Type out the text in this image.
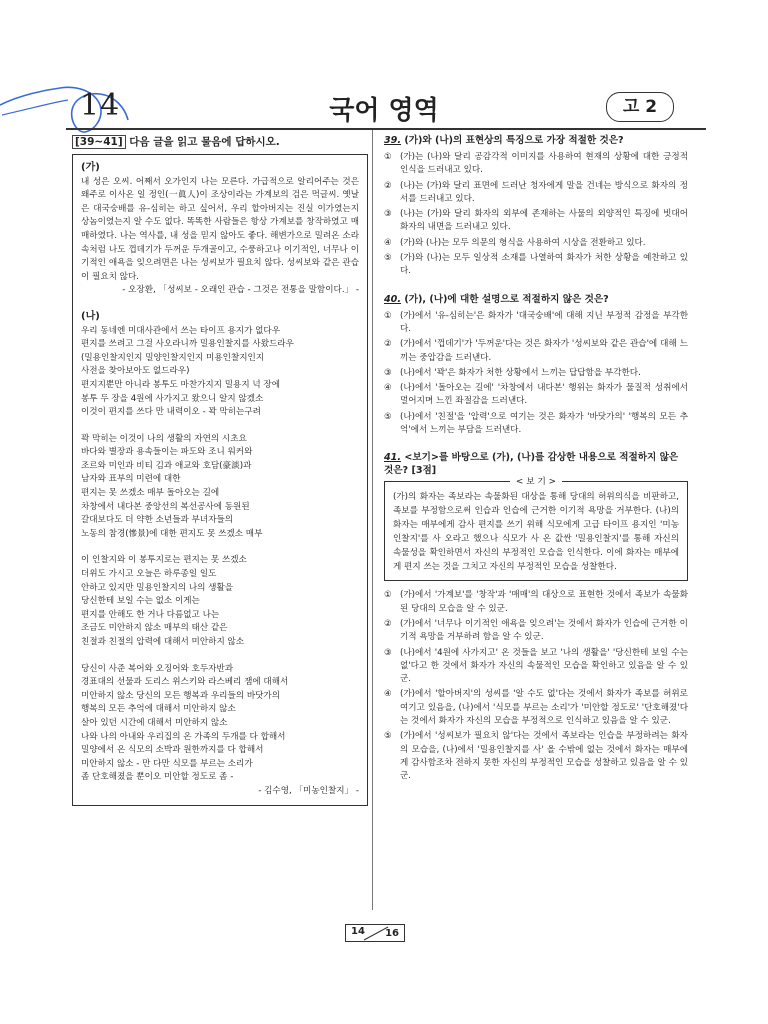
14	국어 영역	고 2
[39~41] 다음 글을 읽고 물음에 답하시오.
(가)
내 성은 오씨. 어째서 오가인지 나는 모른다. 가급적으로 알리어주는 것은 왜주로 이사온 일 정인(一眞人)이 조상이라는 가계보의 검은 먹글씨. 옛날은 대국숭배를 유-심히는 하고 싶어서, 우리 할아버지는 진실 이가였는지 상놈이였는지 알 수도 없다. 똑똑한 사람들은 항상 가계보를 창작하였고 매매하였다. 나는 역사를, 내 성을 믿지 않아도 좋다. 해변가으로 밀려온 소라 속처럼 나도 껍데기가 두꺼운 두개골이고, 수풍하고나 이기적인, 너무나 이기적인 애욕을 잊으려면은 나는 성씨보가 필요치 않다. 성씨보와 같은 관습이 필요치 않다.
- 오장환, 「성씨보 - 오래인 관습 - 그것은 전통을 말함이다.」 -
(나)

우리 동네엔 미대사관에서 쓰는 타이프 용지가 없다우

편지를 쓰려고 그걸 사오라니까 밀용인찰지를 사왔드라우

(밀용인찰지인지 밀양인찰지인지 미용인찰지인지

사전을 찾아보아도 없드라우)

편지지뿐만 아니라 봉투도 마찬가지지 밀용지 넉 장에

봉투 두 장을 4원에 사가지고 왔으니 알지 않겠소

이것이 편지를 쓰다 만 내력이오 - 꽉 막히는구려

꽉 막히는 이것이 나의 생활의 자연의 시초요

바다와 별장과 용속들이는 파도와 조니 워커와

조르와 미인과 비티 김과 애교와 호담(豪談)과

남자와 표부의 미련에 대한

편지는 못 쓰겠소 매부 돌아오는 길에

차창에서 내다본 중앙선의 복선공사에 동원된

갈대보다도 더 약한 소년들과 부녀자들의

노동의 참경(慘景)에 대한 편지도 못 쓰겠소 매부

이 인찰지와 이 봉투지로는 편지는 못 쓰겠소

더위도 가시고 오늘은 하루종일 일도

안하고 있지만 밀용인찰지의 나의 생활을

당신한테 보일 수는 없소 이게는

편지를 안해도 한 거나 다름없고 나는

조금도 미안하지 않소 매부의 태산 같은

친절과 친절의 압력에 대해서 미안하지 않소

당신이 사준 복어와 오징어와 호두자반과

경표대의 선물과 도리스 위스키와 라스베리 잼에 대해서

미안하지 않소 당신의 모든 행복과 우리들의 바닷가의

행복의 모든 추억에 대해서 미안하지 않소

살아 있던 시간에 대해서 미안하지 않소

나와 나의 아내와 우리집의 온 가족의 두개를 다 합해서

밀양에서 온 식모의 소박과 원한까지를 다 합해서

미안하지 않소 - 만 다만 식모를 부르는 소리가

좀 단호해졌을 뿐이오 미안할 정도로 좀 -

- 김수영, 「미농인찰지」 -
39. (가)와 (나)의 표현상의 특징으로 가장 적절한 것은?
① (가)는 (나)와 달리 공감각적 이미지를 사용하여 현재의 상황에 대한 긍정적 인식을 드러내고 있다.
② (나)는 (가)와 달리 표면에 드러난 청자에게 말을 건네는 방식으로 화자의 정서를 드러내고 있다.
③ (나)는 (가)와 달리 화자의 외부에 존재하는 사물의 외양적인 특징에 빗대어 화자의 내면을 드러내고 있다.
④ (가)와 (나)는 모두 의문의 형식을 사용하여 시상을 전환하고 있다.
⑤ (가)와 (나)는 모두 일상적 소재를 나열하여 화자가 처한 상황을 예찬하고 있다.
40. (가), (나)에 대한 설명으로 적절하지 않은 것은?
① (가)에서 '유-심히는'은 화자가 '대국숭배'에 대해 지닌 부정적 감정을 부각한다.
② (가)에서 '껍데기'가 '두꺼운'다는 것은 화자가 '성씨보와 같은 관습'에 대해 느끼는 중압감을 드러낸다.
③ (나)에서 '꽉'은 화자가 처한 상황에서 느끼는 답답함을 부각한다.
④ (나)에서 '돌아오는 길에' '차창에서 내다본' 행위는 화자가 물질적 성취에서 멀어지며 느낀 좌절감을 드러낸다.
⑤ (나)에서 '친절'을 '압력'으로 여기는 것은 화자가 '바닷가의' '행복의 모든 추억'에서 느끼는 부담을 드러낸다.
41. <보기>를 바탕으로 (가), (나)를 감상한 내용으로 적절하지 않은 것은? [3점]
< 보 기 >
(가)의 화자는 족보라는 속물화된 대상을 통해 당대의 허위의식을 비판하고, 족보를 부정함으로써 인습과 인습에 근거한 이기적 욕망을 거부한다. (나)의 화자는 매부에게 감사 편지를 쓰기 위해 식모에게 고급 타이프 용지인 '미농인찰지'를 사 오라고 했으나 식모가 사 온 값싼 '밀용인찰지'를 통해 자신의 속물성을 확인하면서 자신의 부정적인 모습을 인식한다. 이에 화자는 매부에게 편지 쓰는 것을 그치고 자신의 부정적인 모습을 성찰한다.
① (가)에서 '가계보'를 '창작'과 '매매'의 대상으로 표현한 것에서 족보가 속물화된 당대의 모습을 알 수 있군.
② (가)에서 '너무나 이기적인 애욕을 잊으려'는 것에서 화자가 인습에 근거한 이기적 욕망을 거부하려 함을 알 수 있군.
③ (나)에서 '4원에 사가지고' 온 것들을 보고 '나의 생활을' '당신한테 보일 수는 없'다고 한 것에서 화자가 자신의 속물적인 모습을 확인하고 있음을 알 수 있군.
④ (가)에서 '할아버지'의 성씨를 '알 수도 없'다는 것에서 화자가 족보를 허위로 여기고 있음을, (나)에서 '식모를 부르는 소리'가 '미안할 정도로' '단호해졌'다는 것에서 화자가 자신의 모습을 부정적으로 인식하고 있음을 알 수 있군.
⑤ (가)에서 '성씨보가 필요치 않'다는 것에서 족보라는 인습을 부정하려는 화자의 모습을, (나)에서 '밀용인찰지를 사' 올 수밖에 없는 것에서 화자는 매부에게 감사함조차 전하지 못한 자신의 부정적인 모습을 성찰하고 있음을 알 수 있군.
14 16
